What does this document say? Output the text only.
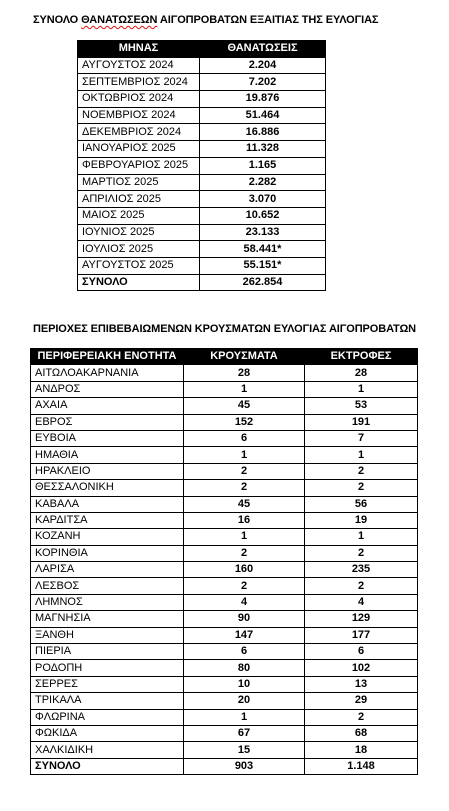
ΣΥΝΟΛΟ ΘΑΝΑΤΩΣΕΩΝ ΑΙΓΟΠΡΟΒΑΤΩΝ ΕΞΑΙΤΙΑΣ ΤΗΣ ΕΥΛΟΓΙΑΣ
ΜΗΝΑΣ	ΘΑΝΑΤΩΣΕΙΣ
ΑΥΓΟΥΣΤΟΣ 2024	2.204
ΣΕΠΤΕΜΒΡΙΟΣ 2024	7.202
ΟΚΤΩΒΡΙΟΣ 2024	19.876
ΝΟΕΜΒΡΙΟΣ 2024	51.464
ΔΕΚΕΜΒΡΙΟΣ 2024	16.886
ΙΑΝΟΥΑΡΙΟΣ 2025	11.328
ΦΕΒΡΟΥΑΡΙΟΣ 2025	1.165
ΜΑΡΤΙΟΣ 2025	2.282
ΑΠΡΙΛΙΟΣ 2025	3.070
ΜΑΙΟΣ 2025	10.652
ΙΟΥΝΙΟΣ 2025	23.133
ΙΟΥΛΙΟΣ 2025	58.441*
ΑΥΓΟΥΣΤΟΣ 2025	55.151*
ΣΥΝΟΛΟ	262.854
ΠΕΡΙΟΧΕΣ ΕΠΙΒΕΒΑΙΩΜΕΝΩΝ ΚΡΟΥΣΜΑΤΩΝ ΕΥΛΟΓΙΑΣ ΑΙΓΟΠΡΟΒΑΤΩΝ
ΠΕΡΙΦΕΡΕΙΑΚΗ ΕΝΟΤΗΤΑ	ΚΡΟΥΣΜΑΤΑ	ΕΚΤΡΟΦΕΣ
ΑΙΤΩΛΟΑΚΑΡΝΑΝΙΑ	28	28
ΑΝΔΡΟΣ	1	1
ΑΧΑΙΑ	45	53
ΕΒΡΟΣ	152	191
ΕΥΒΟΙΑ	6	7
ΗΜΑΘΙΑ	1	1
ΗΡΑΚΛΕΙΟ	2	2
ΘΕΣΣΑΛΟΝΙΚΗ	2	2
ΚΑΒΑΛΑ	45	56
ΚΑΡΔΙΤΣΑ	16	19
ΚΟΖΑΝΗ	1	1
ΚΟΡΙΝΘΙΑ	2	2
ΛΑΡΙΣΑ	160	235
ΛΕΣΒΟΣ	2	2
ΛΗΜΝΟΣ	4	4
ΜΑΓΝΗΣΙΑ	90	129
ΞΑΝΘΗ	147	177
ΠΙΕΡΙΑ	6	6
ΡΟΔΟΠΗ	80	102
ΣΕΡΡΕΣ	10	13
ΤΡΙΚΑΛΑ	20	29
ΦΛΩΡΙΝΑ	1	2
ΦΩΚΙΔΑ	67	68
ΧΑΛΚΙΔΙΚΗ	15	18
ΣΥΝΟΛΟ	903	1.148
